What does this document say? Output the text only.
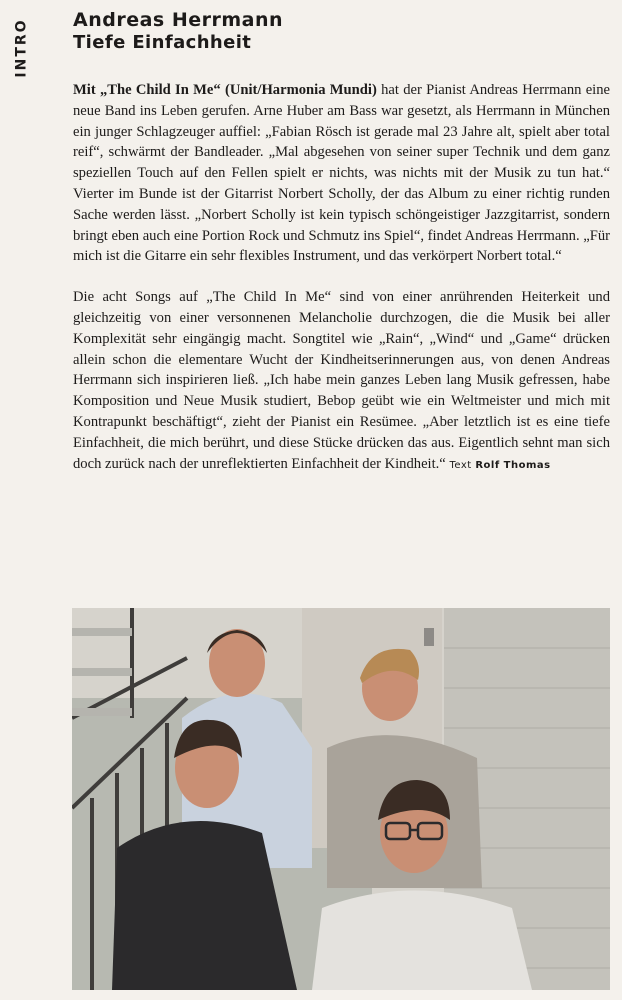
INTRO Andreas Herrmann
Tiefe Einfachheit

Mit „The Child In Me“ (Unit/Harmonia Mundi) hat der Pianist Andreas Herrmann eine neue Band ins Leben gerufen. Arne Huber am Bass war gesetzt, als Herrmann in München ein junger Schlagzeuger auffiel: „Fabian Rösch ist gerade mal 23 Jahre alt, spielt aber total reif“, schwärmt der Bandleader. „Mal abgesehen von seiner super Technik und dem ganz speziellen Touch auf den Fellen spielt er nichts, was nichts mit der Musik zu tun hat.“ Vierter im Bunde ist der Gitarrist Norbert Scholly, der das Album zu einer richtig runden Sache werden lässt. „Norbert Scholly ist kein typisch schöngeistiger Jazzgitarrist, sondern bringt eben auch eine Portion Rock und Schmutz ins Spiel“, findet Andreas Herrmann. „Für mich ist die Gitarre ein sehr flexibles Instrument, und das verkörpert Norbert total.“

Die acht Songs auf „The Child In Me“ sind von einer anrührenden Heiterkeit und gleichzeitig von einer versonnenen Melancholie durchzogen, die die Musik bei aller Komplexität sehr eingängig macht. Songtitel wie „Rain“, „Wind“ und „Game“ drücken allein schon die elementare Wucht der Kindheitserinnerungen aus, von denen Andreas Herrmann sich inspirieren ließ. „Ich habe mein ganzes Leben lang Musik gefressen, habe Komposition und Neue Musik studiert, Bebop geübt wie ein Weltmeister und mich mit Kontrapunkt beschäftigt“, zieht der Pianist ein Resümee. „Aber letztlich ist es eine tiefe Einfachheit, die mich berührt, und diese Stücke drücken das aus. Eigentlich sehnt man sich doch zurück nach der unreflektierten Einfachheit der Kindheit.“ Text Rolf Thomas
